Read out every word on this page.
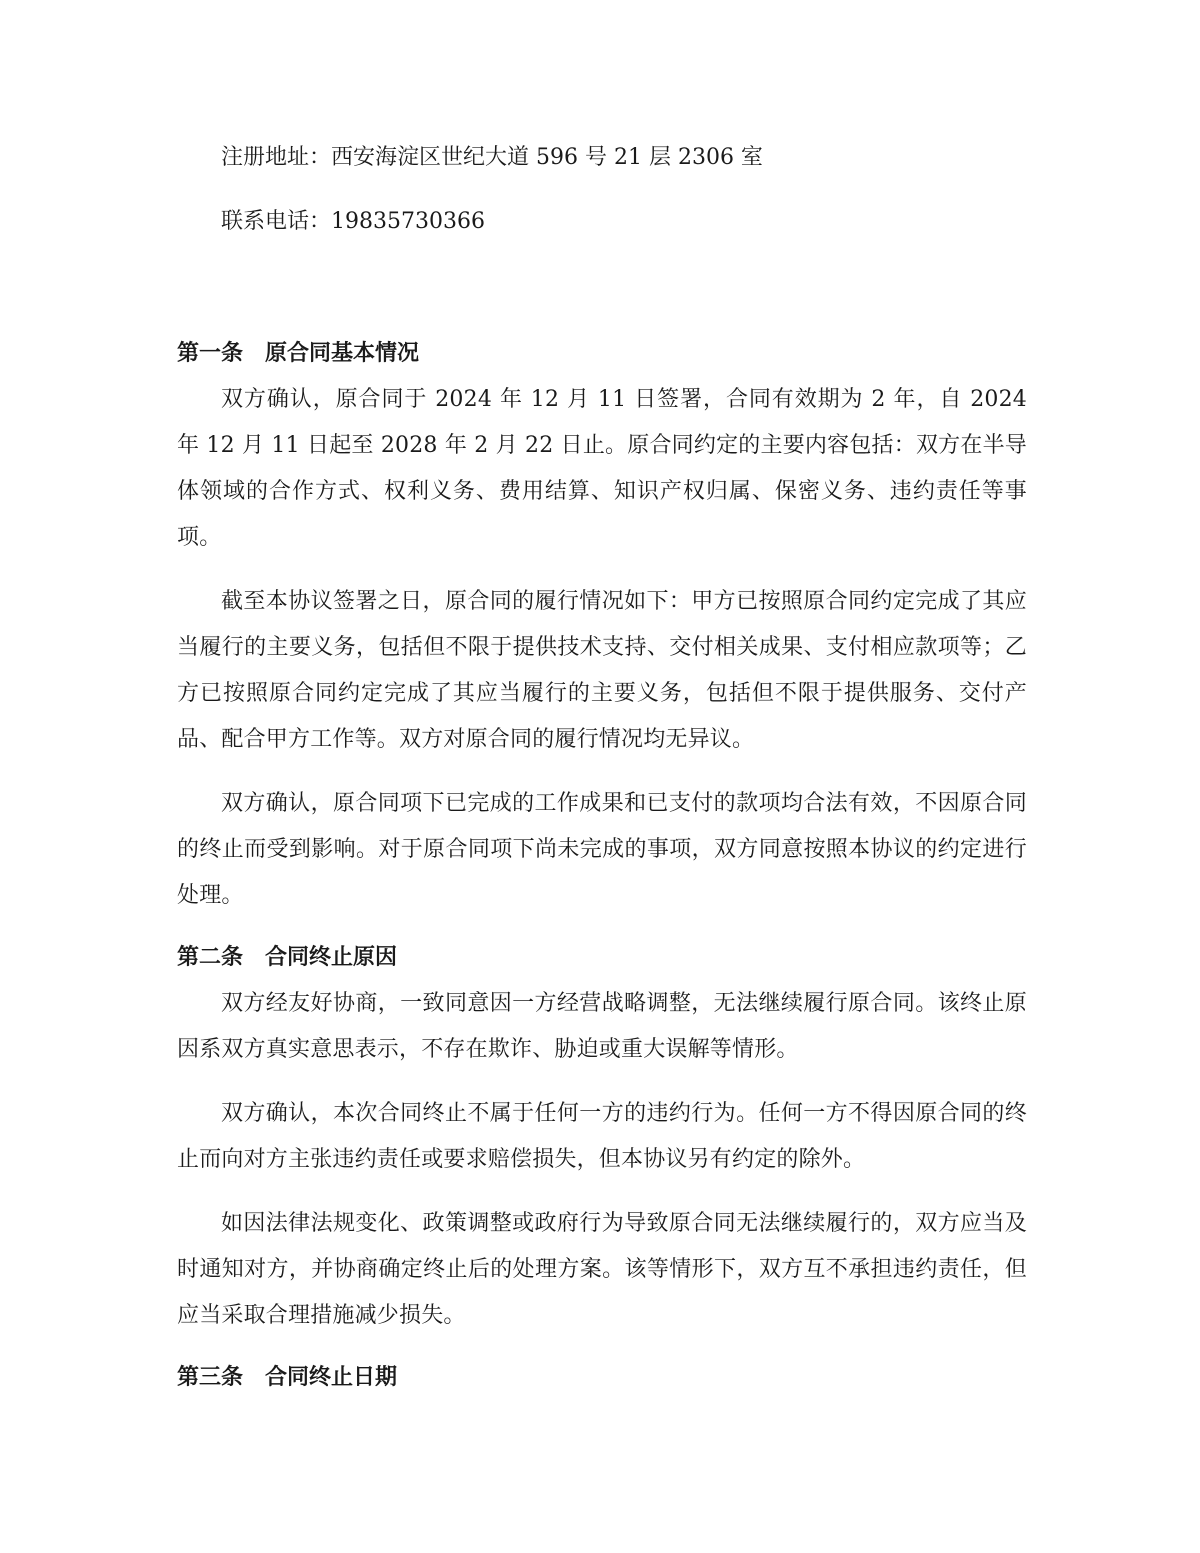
注册地址：西安海淀区世纪大道 596 号 21 层 2306 室

联系电话：19835730366

第一条　原合同基本情况

双方确认，原合同于 2024 年 12 月 11 日签署，合同有效期为 2 年，自 2024 年 12 月 11 日起至 2028 年 2 月 22 日止。原合同约定的主要内容包括：双方在半导体领域的合作方式、权利义务、费用结算、知识产权归属、保密义务、违约责任等事项。

截至本协议签署之日，原合同的履行情况如下：甲方已按照原合同约定完成了其应当履行的主要义务，包括但不限于提供技术支持、交付相关成果、支付相应款项等；乙方已按照原合同约定完成了其应当履行的主要义务，包括但不限于提供服务、交付产品、配合甲方工作等。双方对原合同的履行情况均无异议。

双方确认，原合同项下已完成的工作成果和已支付的款项均合法有效，不因原合同的终止而受到影响。对于原合同项下尚未完成的事项，双方同意按照本协议的约定进行处理。

第二条　合同终止原因

双方经友好协商，一致同意因一方经营战略调整，无法继续履行原合同。该终止原因系双方真实意思表示，不存在欺诈、胁迫或重大误解等情形。

双方确认，本次合同终止不属于任何一方的违约行为。任何一方不得因原合同的终止而向对方主张违约责任或要求赔偿损失，但本协议另有约定的除外。

如因法律法规变化、政策调整或政府行为导致原合同无法继续履行的，双方应当及时通知对方，并协商确定终止后的处理方案。该等情形下，双方互不承担违约责任，但应当采取合理措施减少损失。

第三条　合同终止日期
